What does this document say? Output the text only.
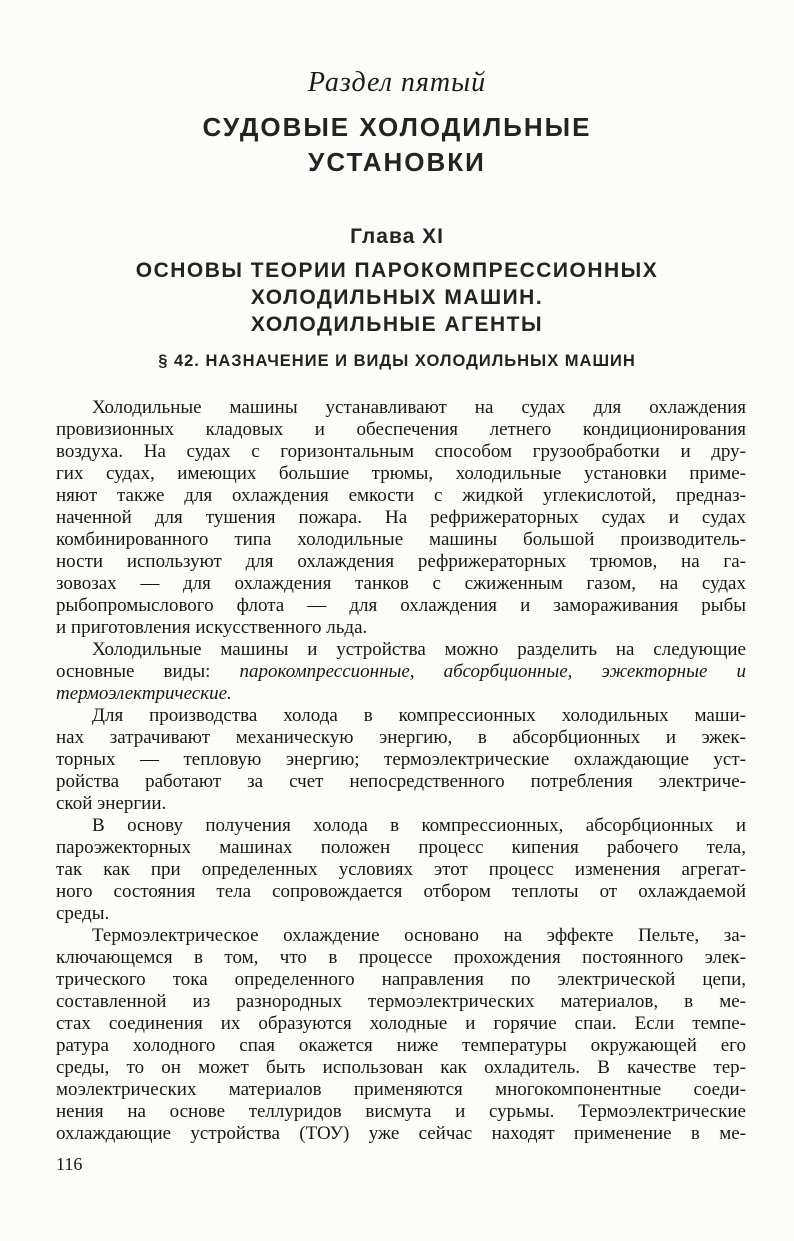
Раздел пятый
СУДОВЫЕ ХОЛОДИЛЬНЫЕ
УСТАНОВКИ
Глава XI
ОСНОВЫ ТЕОРИИ ПАРОКОМПРЕССИОННЫХ
ХОЛОДИЛЬНЫХ МАШИН.
ХОЛОДИЛЬНЫЕ АГЕНТЫ
§ 42. НАЗНАЧЕНИЕ И ВИДЫ ХОЛОДИЛЬНЫХ МАШИН
Холодильные машины устанавливают на судах для охлаждения
провизионных кладовых и обеспечения летнего кондиционирования
воздуха. На судах с горизонтальным способом грузообработки и дру-
гих судах, имеющих большие трюмы, холодильные установки приме-
няют также для охлаждения емкости с жидкой углекислотой, предназ-
наченной для тушения пожара. На рефрижераторных судах и судах
комбинированного типа холодильные машины большой производитель-
ности используют для охлаждения рефрижераторных трюмов, на га-
зовозах — для охлаждения танков с сжиженным газом, на судах
рыбопромыслового флота — для охлаждения и замораживания рыбы
и приготовления искусственного льда.
Холодильные машины и устройства можно разделить на следующие
основные виды: парокомпрессионные, абсорбционные, эжекторные и
термоэлектрические.
Для производства холода в компрессионных холодильных маши-
нах затрачивают механическую энергию, в абсорбционных и эжек-
торных — тепловую энергию; термоэлектрические охлаждающие уст-
ройства работают за счет непосредственного потребления электриче-
ской энергии.
В основу получения холода в компрессионных, абсорбционных и
пароэжекторных машинах положен процесс кипения рабочего тела,
так как при определенных условиях этот процесс изменения агрегат-
ного состояния тела сопровождается отбором теплоты от охлаждаемой
среды.
Термоэлектрическое охлаждение основано на эффекте Пельте, за-
ключающемся в том, что в процессе прохождения постоянного элек-
трического тока определенного направления по электрической цепи,
составленной из разнородных термоэлектрических материалов, в ме-
стах соединения их образуются холодные и горячие спаи. Если темпе-
ратура холодного спая окажется ниже температуры окружающей его
среды, то он может быть использован как охладитель. В качестве тер-
моэлектрических материалов применяются многокомпонентные соеди-
нения на основе теллуридов висмута и сурьмы. Термоэлектрические
охлаждающие устройства (ТОУ) уже сейчас находят применение в ме-
116
